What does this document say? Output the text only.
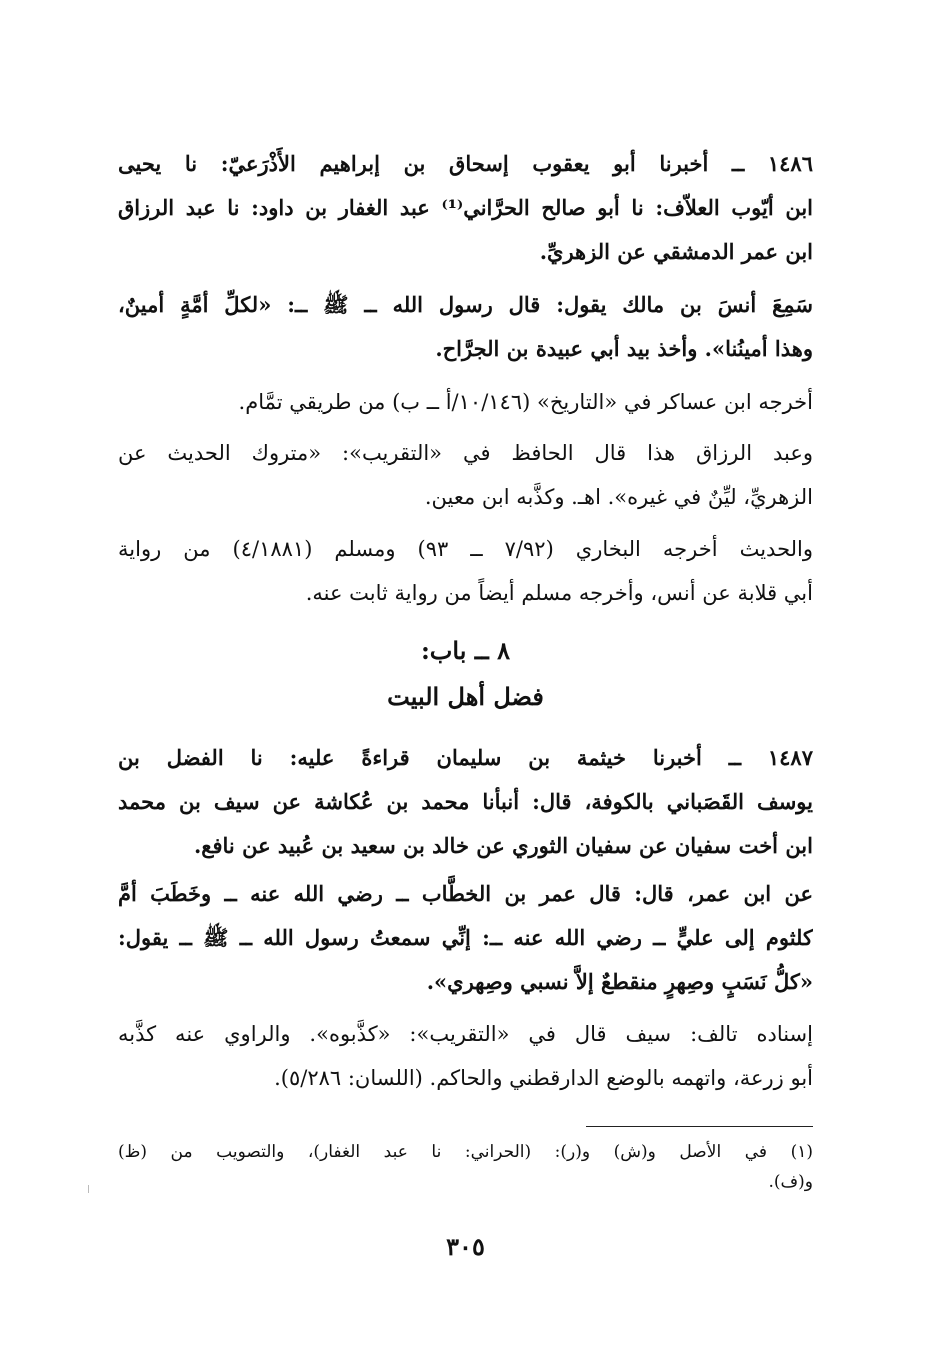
١٤٨٦ ــ أخبرنا أبو يعقوب إسحاق بن إبراهيم الأَذْرَعيّ: نا يحيى
ابن أيّوب العلاّف: نا أبو صالح الحرَّاني⁽¹⁾ عبد الغفار بن داود: نا عبد الرزاق
ابن عمر الدمشقي عن الزهريِّ.
سَمِعَ أنسَ بن مالك يقول: قال رسول الله ــ ﷺ ــ: «لكلِّ أمَّةٍ أمينٌ،
وهذا أمينُنا». وأخذ بيد أبي عبيدة بن الجرَّاح.
أخرجه ابن عساكر في «التاريخ» (١٠/١٤٦/أ ــ ب) من طريقي تمَّام.
وعبد الرزاق هذا قال الحافظ في «التقريب»: «متروك الحديث عن
الزهريِّ، ليِّنٌ في غيره». اهـ. وكذَّبه ابن معين.
والحديث أخرجه البخاري (٧/٩٢ ــ ٩٣) ومسلم (٤/١٨٨١) من رواية
أبي قلابة عن أنس، وأخرجه مسلم أيضاً من رواية ثابت عنه.
٨ ــ باب:
فضل أهل البيت
١٤٨٧ ــ أخبرنا خيثمة بن سليمان قراءةً عليه: نا الفضل بن
يوسف القَصَباني بالكوفة، قال: أنبأنا محمد بن عُكاشة عن سيف بن محمد
ابن أخت سفيان عن سفيان الثوري عن خالد بن سعيد بن عُبيد عن نافع.
عن ابن عمر، قال: قال عمر بن الخطَّاب ــ رضي الله عنه ــ وخَطَبَ أمَّ
كلثوم إلى عليٍّ ــ رضي الله عنه ــ: إنِّي سمعتُ رسول الله ــ ﷺ ــ يقول:
«كلُّ نَسَبٍ وصِهرٍ منقطعٌ إلاَّ نسبي وصِهري».
إسناده تالف: سيف قال في «التقريب»: «كذَّبوه». والراوي عنه كذَّبه
أبو زرعة، واتهمه بالوضع الدارقطني والحاكم. (اللسان: ٥/٢٨٦).
(١) في الأصل و(ش) و(ر): (الحراني: نا عبد الغفار)، والتصويب من (ظ)
و(ف).
٣٠٥
